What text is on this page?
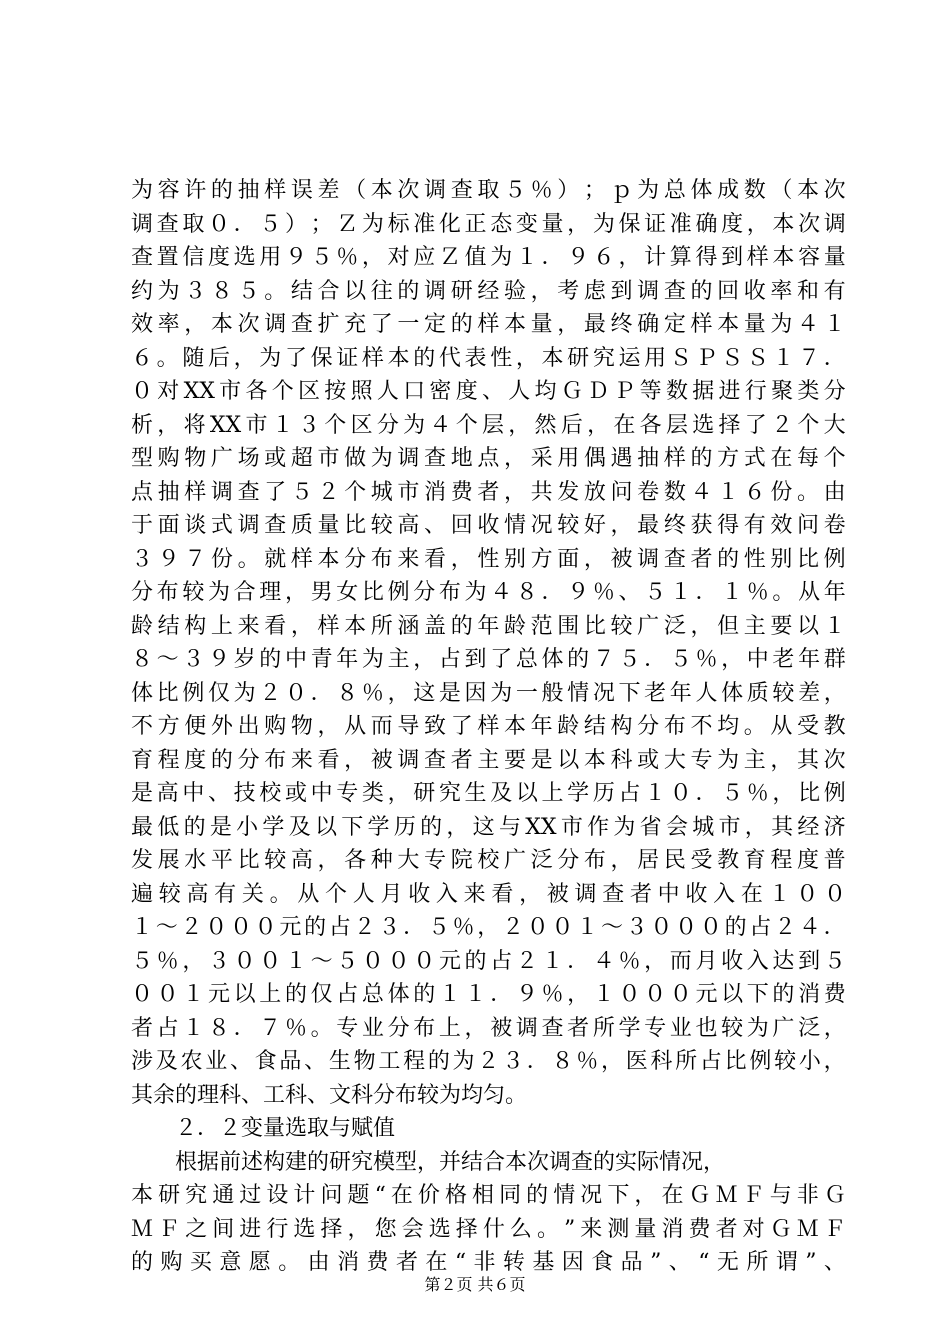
为 容 许 的 抽 样 误 差 （ 本 次 调 查 取 ５ ％ ） ； ｐ 为 总 体 成 数 （ 本 次
调 查 取 ０ ． ５ ） ； Ｚ 为 标 准 化 正 态 变 量 ， 为 保 证 准 确 度 ， 本 次 调
查 置 信 度 选 用 ９ ５ ％ ， 对 应 Ｚ 值 为 １ ． ９ ６ ， 计 算 得 到 样 本 容 量
约 为 ３ ８ ５ 。 结 合 以 往 的 调 研 经 验 ， 考 虑 到 调 查 的 回 收 率 和 有
效 率 ， 本 次 调 查 扩 充 了 一 定 的 样 本 量 ， 最 终 确 定 样 本 量 为 ４ １
６ 。 随 后 ， 为 了 保 证 样 本 的 代 表 性 ， 本 研 究 运 用 Ｓ Ｐ Ｓ Ｓ １ ７ ．
０ 对 XX 市 各 个 区 按 照 人 口 密 度 、 人 均 Ｇ Ｄ Ｐ 等 数 据 进 行 聚 类 分
析 ， 将 XX 市 １ ３ 个 区 分 为 ４ 个 层 ， 然 后 ， 在 各 层 选 择 了 ２ 个 大
型 购 物 广 场 或 超 市 做 为 调 查 地 点 ， 采 用 偶 遇 抽 样 的 方 式 在 每 个
点 抽 样 调 查 了 ５ ２ 个 城 市 消 费 者 ， 共 发 放 问 卷 数 ４ １ ６ 份 。 由
于 面 谈 式 调 查 质 量 比 较 高 、 回 收 情 况 较 好 ， 最 终 获 得 有 效 问 卷
３ ９ ７ 份 。 就 样 本 分 布 来 看 ， 性 别 方 面 ， 被 调 查 者 的 性 别 比 例
分 布 较 为 合 理 ， 男 女 比 例 分 布 为 ４ ８ ． ９ ％ 、 ５ １ ． １ ％ 。 从 年
龄 结 构 上 来 看 ， 样 本 所 涵 盖 的 年 龄 范 围 比 较 广 泛 ， 但 主 要 以 １
８ ～ ３ ９ 岁 的 中 青 年 为 主 ， 占 到 了 总 体 的 ７ ５ ． ５ ％ ， 中 老 年 群
体 比 例 仅 为 ２ ０ ． ８ ％ ， 这 是 因 为 一 般 情 况 下 老 年 人 体 质 较 差 ，
不 方 便 外 出 购 物 ， 从 而 导 致 了 样 本 年 龄 结 构 分 布 不 均 。 从 受 教
育 程 度 的 分 布 来 看 ， 被 调 查 者 主 要 是 以 本 科 或 大 专 为 主 ， 其 次
是 高 中 、 技 校 或 中 专 类 ， 研 究 生 及 以 上 学 历 占 １ ０ ． ５ ％ ， 比 例
最 低 的 是 小 学 及 以 下 学 历 的 ， 这 与 XX 市 作 为 省 会 城 市 ， 其 经 济
发 展 水 平 比 较 高 ， 各 种 大 专 院 校 广 泛 分 布 ， 居 民 受 教 育 程 度 普
遍 较 高 有 关 。 从 个 人 月 收 入 来 看 ， 被 调 查 者 中 收 入 在 １ ０ ０
１ ～ ２ ０ ０ ０ 元 的 占 ２ ３ ． ５ ％ ， ２ ０ ０ １ ～ ３ ０ ０ ０ 的 占 ２ ４ ．
５ ％ ， ３ ０ ０ １ ～ ５ ０ ０ ０ 元 的 占 ２ １ ． ４ ％ ， 而 月 收 入 达 到 ５
０ ０ １ 元 以 上 的 仅 占 总 体 的 １ １ ． ９ ％ ， １ ０ ０ ０ 元 以 下 的 消 费
者 占 １ ８ ． ７ ％ 。 专 业 分 布 上 ， 被 调 查 者 所 学 专 业 也 较 为 广 泛 ，
涉 及 农 业 、 食 品 、 生 物 工 程 的 为 ２ ３ ． ８ ％ ， 医 科 所 占 比 例 较 小 ，
其余的理科、工科、文科分布较为均匀。
２．２变量选取与赋值
根据前述构建的研究模型，并结合本次调查的实际情况，
本 研 究 通 过 设 计 问 题 “ 在 价 格 相 同 的 情 况 下 ， 在 Ｇ Ｍ Ｆ 与 非 Ｇ
Ｍ Ｆ 之 间 进 行 选 择 ， 您 会 选 择 什 么 。 ” 来 测 量 消 费 者 对 Ｇ Ｍ Ｆ
的 购 买 意 愿 。 由 消 费 者 在 “ 非 转 基 因 食 品 ” 、 “ 无 所 谓 ” 、
第２页 共６页
